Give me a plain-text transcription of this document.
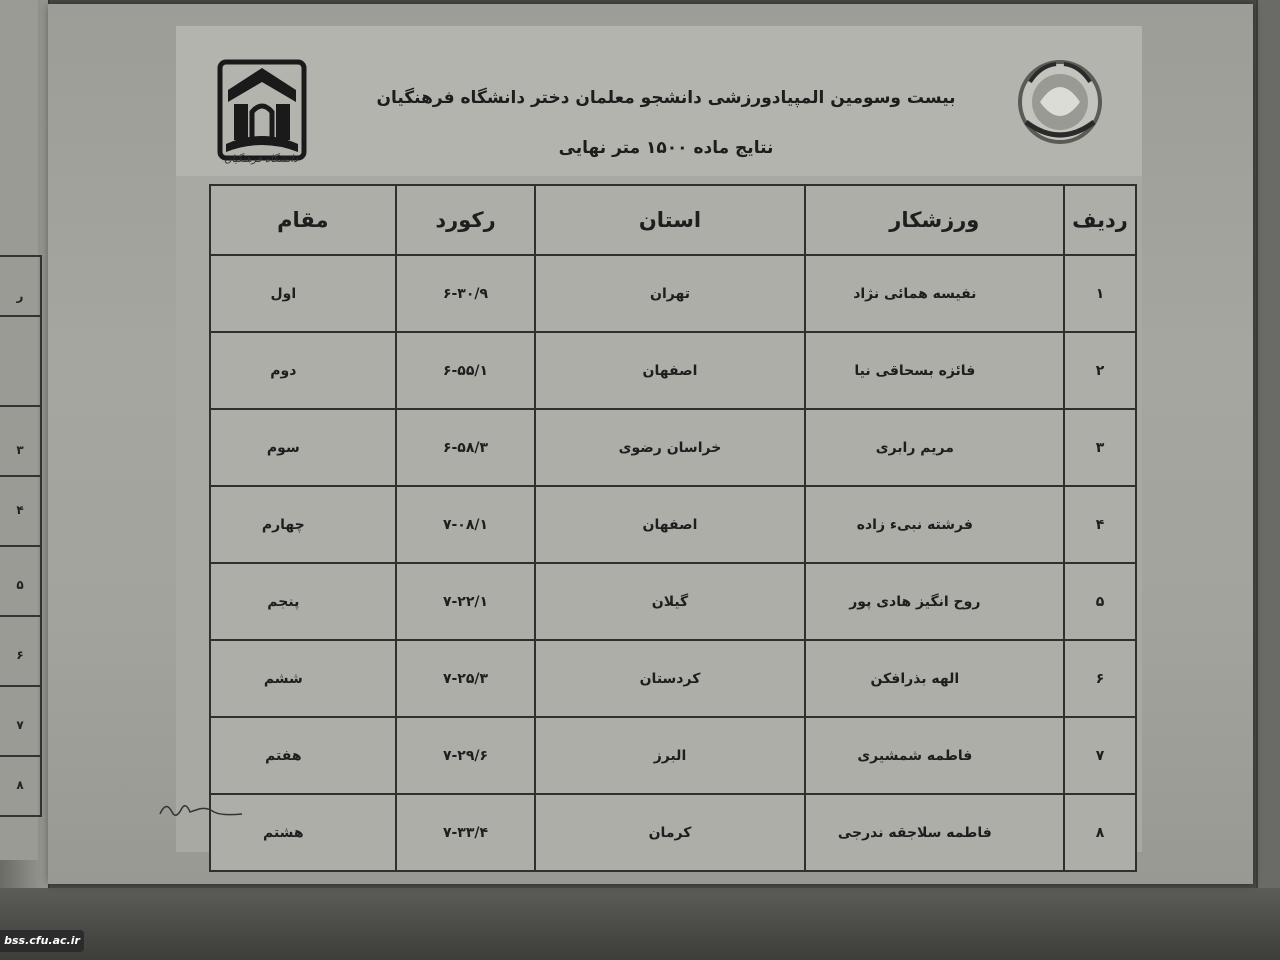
ر
۳
۴
۵
۶
۷
۸
دانشگاه فرهنگیان
بیست وسومین المپیادورزشی دانشجو معلمان دختر دانشگاه فرهنگیان
نتایج ماده ۱۵۰۰ متر نهایی
ردیف	ورزشکار	استان	رکورد	مقام
۱	نفیسه همائی نژاد	تهران	۶-۳۰/۹	اول
۲	فائزه بسحاقی نیا	اصفهان	۶-۵۵/۱	دوم
۳	مریم رابری	خراسان رضوی	۶-۵۸/۳	سوم
۴	فرشته نبیء زاده	اصفهان	۷-۰۸/۱	چهارم
۵	روح انگیز هادی پور	گیلان	۷-۲۲/۱	پنجم
۶	الهه بذرافکن	کردستان	۷-۲۵/۳	ششم
۷	فاطمه شمشیری	البرز	۷-۲۹/۶	هفتم
۸	فاطمه سلاجقه ندرجی	کرمان	۷-۳۳/۴	هشتم
bss.cfu.ac.ir
